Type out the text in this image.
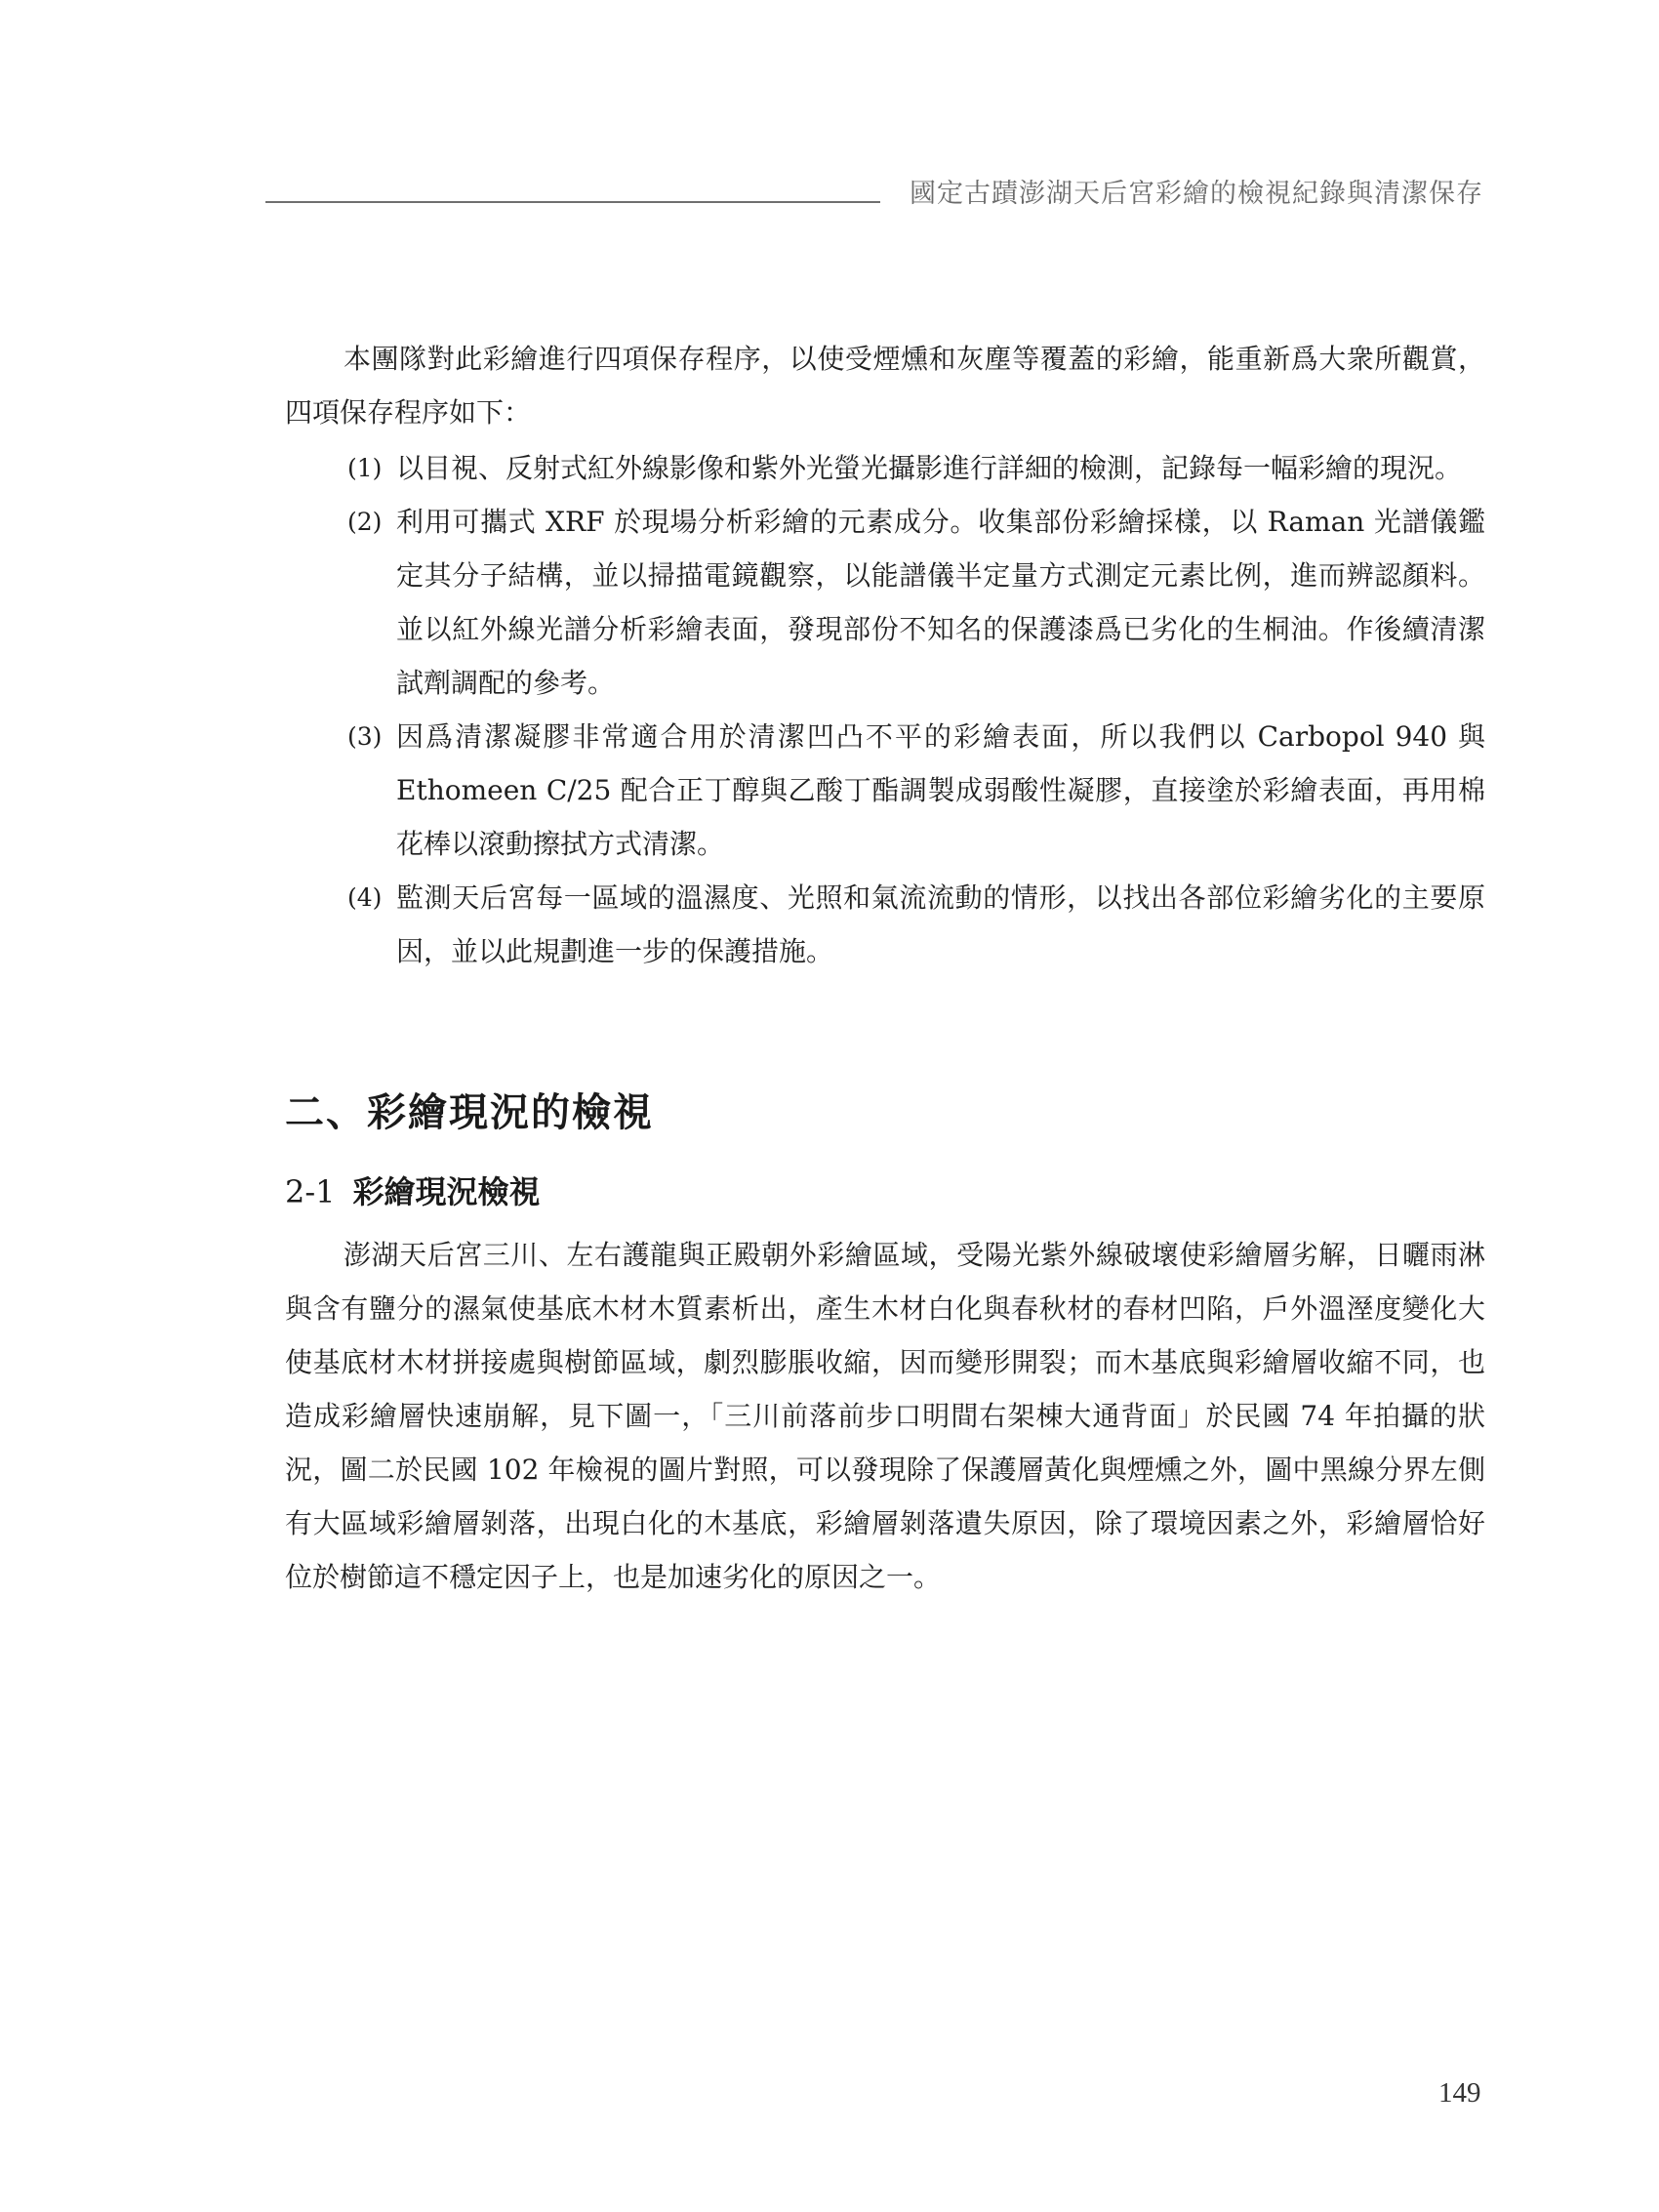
國定古蹟澎湖天后宮彩繪的檢視紀錄與清潔保存

本團隊對此彩繪進行四項保存程序，以使受煙燻和灰塵等覆蓋的彩繪，能重新爲大衆所觀賞，四項保存程序如下：

(1) 以目視、反射式紅外線影像和紫外光螢光攝影進行詳細的檢測，記錄每一幅彩繪的現況。
(2) 利用可攜式 XRF 於現場分析彩繪的元素成分。收集部份彩繪採樣，以 Raman 光譜儀鑑定其分子結構，並以掃描電鏡觀察，以能譜儀半定量方式測定元素比例，進而辨認顏料。並以紅外線光譜分析彩繪表面，發現部份不知名的保護漆爲已劣化的生桐油。作後續清潔試劑調配的參考。
(3) 因爲清潔凝膠非常適合用於清潔凹凸不平的彩繪表面，所以我們以 Carbopol 940 與 Ethomeen C/25 配合正丁醇與乙酸丁酯調製成弱酸性凝膠，直接塗於彩繪表面，再用棉花棒以滾動擦拭方式清潔。
(4) 監測天后宮每一區域的溫濕度、光照和氣流流動的情形，以找出各部位彩繪劣化的主要原因，並以此規劃進一步的保護措施。
二、彩繪現況的檢視
2-1 彩繪現況檢視

澎湖天后宮三川、左右護龍與正殿朝外彩繪區域，受陽光紫外線破壞使彩繪層劣解，日曬雨淋與含有鹽分的濕氣使基底木材木質素析出，產生木材白化與春秋材的春材凹陷，戶外溫溼度變化大使基底材木材拼接處與樹節區域，劇烈膨脹收縮，因而變形開裂；而木基底與彩繪層收縮不同，也造成彩繪層快速崩解，見下圖一，「三川前落前步口明間右架棟大通背面」於民國 74 年拍攝的狀況，圖二於民國 102 年檢視的圖片對照，可以發現除了保護層黃化與煙燻之外，圖中黑線分界左側有大區域彩繪層剝落，出現白化的木基底，彩繪層剝落遺失原因，除了環境因素之外，彩繪層恰好位於樹節這不穩定因子上，也是加速劣化的原因之一。

149
